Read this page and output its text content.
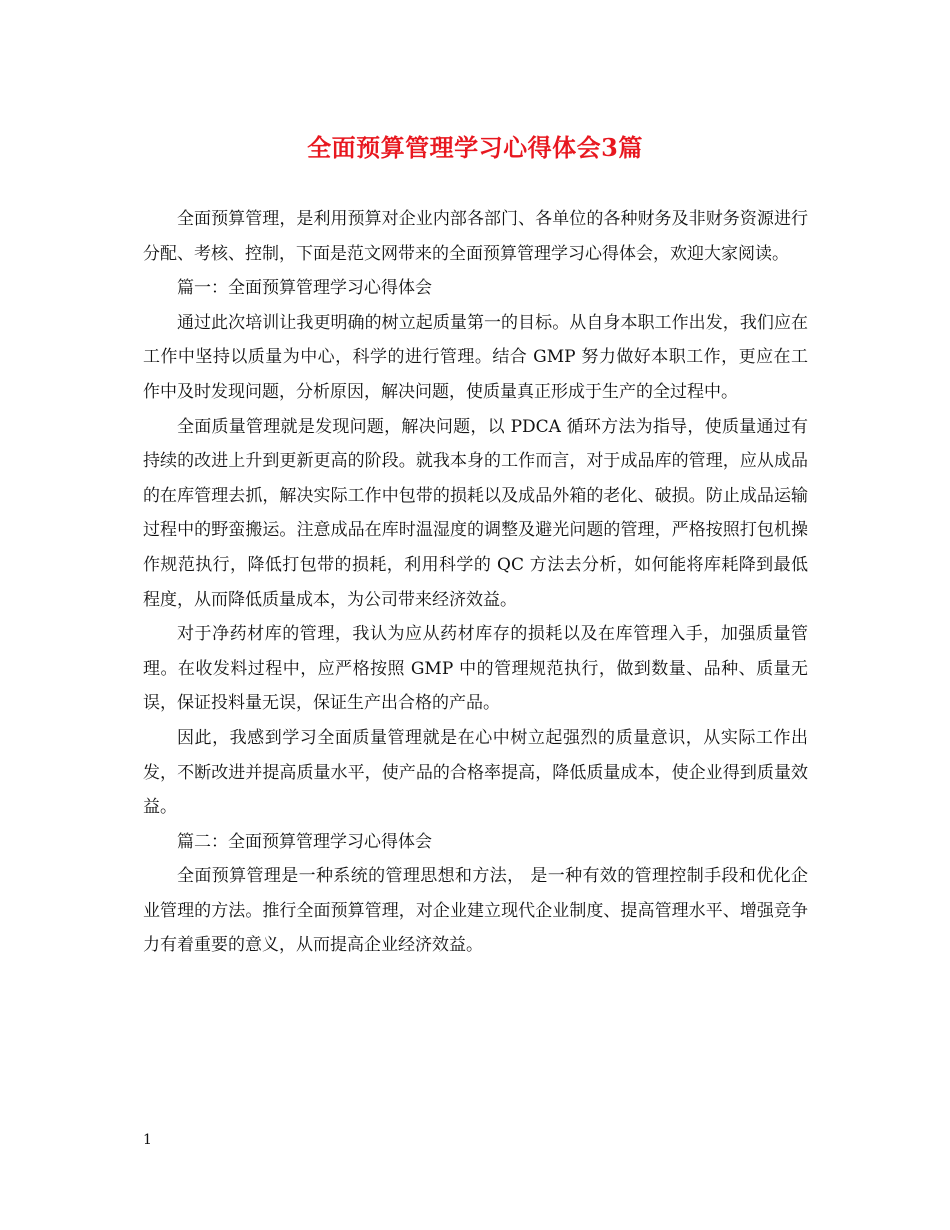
全面预算管理学习心得体会3篇

全面预算管理，是利用预算对企业内部各部门、各单位的各种财务及非财务资源进行分配、考核、控制，下面是范文网带来的全面预算管理学习心得体会，欢迎大家阅读。

篇一：全面预算管理学习心得体会

通过此次培训让我更明确的树立起质量第一的目标。从自身本职工作出发，我们应在工作中坚持以质量为中心，科学的进行管理。结合 GMP 努力做好本职工作，更应在工作中及时发现问题，分析原因，解决问题，使质量真正形成于生产的全过程中。

全面质量管理就是发现问题，解决问题，以 PDCA 循环方法为指导，使质量通过有持续的改进上升到更新更高的阶段。就我本身的工作而言，对于成品库的管理，应从成品的在库管理去抓，解决实际工作中包带的损耗以及成品外箱的老化、破损。防止成品运输过程中的野蛮搬运。注意成品在库时温湿度的调整及避光问题的管理，严格按照打包机操作规范执行，降低打包带的损耗，利用科学的 QC 方法去分析，如何能将库耗降到最低程度，从而降低质量成本，为公司带来经济效益。

对于净药材库的管理，我认为应从药材库存的损耗以及在库管理入手，加强质量管理。在收发料过程中，应严格按照 GMP 中的管理规范执行，做到数量、品种、质量无误，保证投料量无误，保证生产出合格的产品。

因此，我感到学习全面质量管理就是在心中树立起强烈的质量意识，从实际工作出发，不断改进并提高质量水平，使产品的合格率提高，降低质量成本，使企业得到质量效益。

篇二：全面预算管理学习心得体会

全面预算管理是一种系统的管理思想和方法， 是一种有效的管理控制手段和优化企业管理的方法。推行全面预算管理，对企业建立现代企业制度、提高管理水平、增强竞争力有着重要的意义，从而提高企业经济效益。

1
